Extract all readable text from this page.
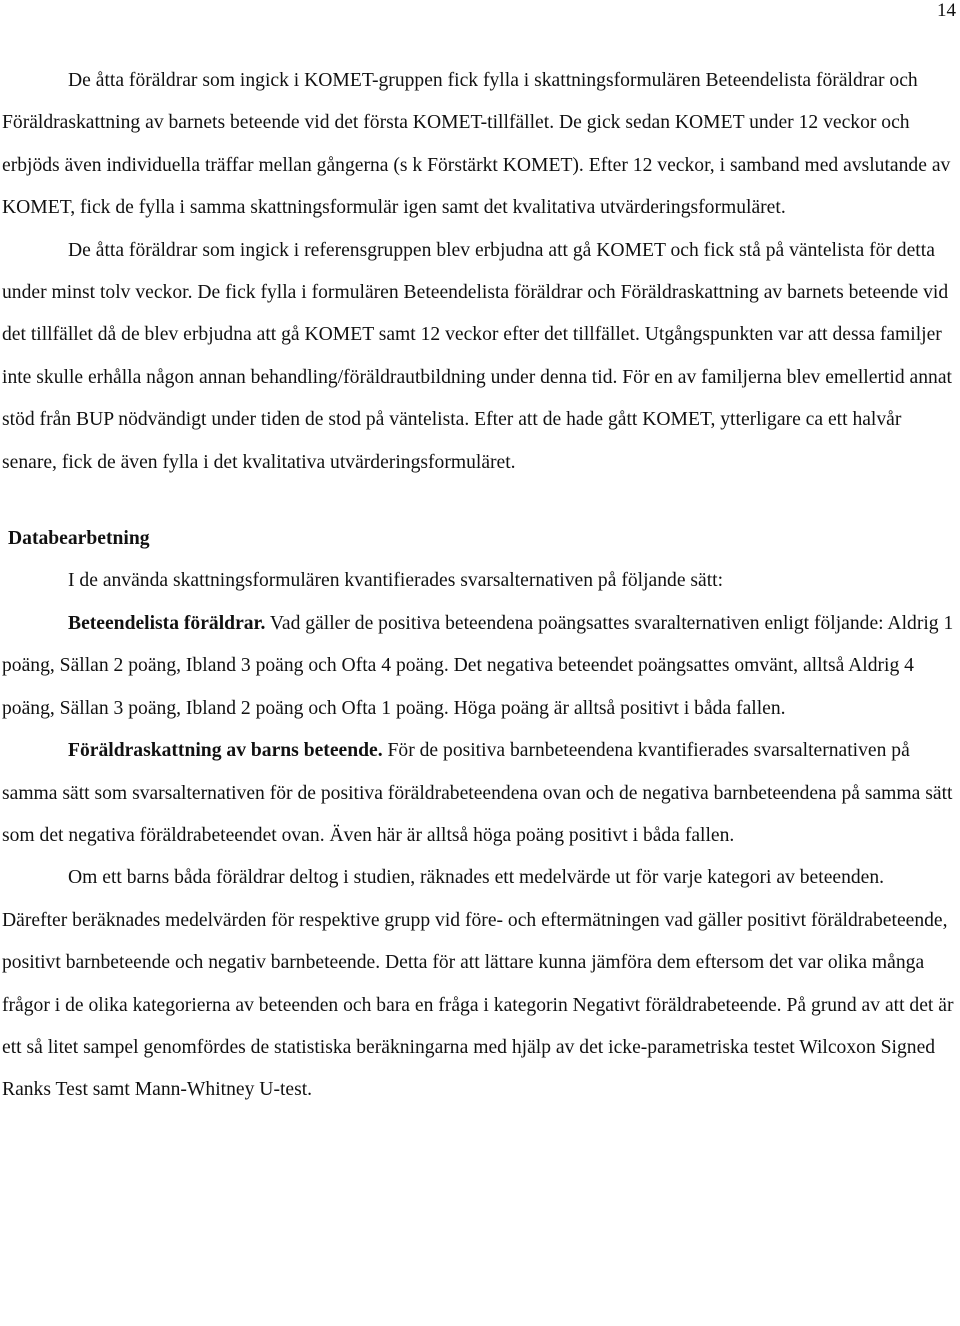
14

De åtta föräldrar som ingick i KOMET-gruppen fick fylla i skattningsformulären Beteendelista föräldrar och Föräldraskattning av barnets beteende vid det första KOMET-tillfället. De gick sedan KOMET under 12 veckor och erbjöds även individuella träffar mellan gångerna (s k Förstärkt KOMET). Efter 12 veckor, i samband med avslutande av KOMET, fick de fylla i samma skattningsformulär igen samt det kvalitativa utvärderingsformuläret.

De åtta föräldrar som ingick i referensgruppen blev erbjudna att gå KOMET och fick stå på väntelista för detta under minst tolv veckor. De fick fylla i formulären Beteendelista föräldrar och Föräldraskattning av barnets beteende vid det tillfället då de blev erbjudna att gå KOMET samt 12 veckor efter det tillfället. Utgångspunkten var att dessa familjer inte skulle erhålla någon annan behandling/föräldrautbildning under denna tid. För en av familjerna blev emellertid annat stöd från BUP nödvändigt under tiden de stod på väntelista. Efter att de hade gått KOMET, ytterligare ca ett halvår senare, fick de även fylla i det kvalitativa utvärderingsformuläret.

Databearbetning

I de använda skattningsformulären kvantifierades svarsalternativen på följande sätt:

Beteendelista föräldrar. Vad gäller de positiva beteendena poängsattes svaralternativen enligt följande: Aldrig 1 poäng, Sällan 2 poäng, Ibland 3 poäng och Ofta 4 poäng. Det negativa beteendet poängsattes omvänt, alltså Aldrig 4 poäng, Sällan 3 poäng, Ibland 2 poäng och Ofta 1 poäng. Höga poäng är alltså positivt i båda fallen.

Föräldraskattning av barns beteende. För de positiva barnbeteendena kvantifierades svarsalternativen på samma sätt som svarsalternativen för de positiva föräldrabeteendena ovan och de negativa barnbeteendena på samma sätt som det negativa föräldrabeteendet ovan. Även här är alltså höga poäng positivt i båda fallen.

Om ett barns båda föräldrar deltog i studien, räknades ett medelvärde ut för varje kategori av beteenden. Därefter beräknades medelvärden för respektive grupp vid före- och eftermätningen vad gäller positivt föräldrabeteende, positivt barnbeteende och negativ barnbeteende. Detta för att lättare kunna jämföra dem eftersom det var olika många frågor i de olika kategorierna av beteenden och bara en fråga i kategorin Negativt föräldrabeteende. På grund av att det är ett så litet sampel genomfördes de statistiska beräkningarna med hjälp av det icke-parametriska testet Wilcoxon Signed Ranks Test samt Mann-Whitney U-test.
